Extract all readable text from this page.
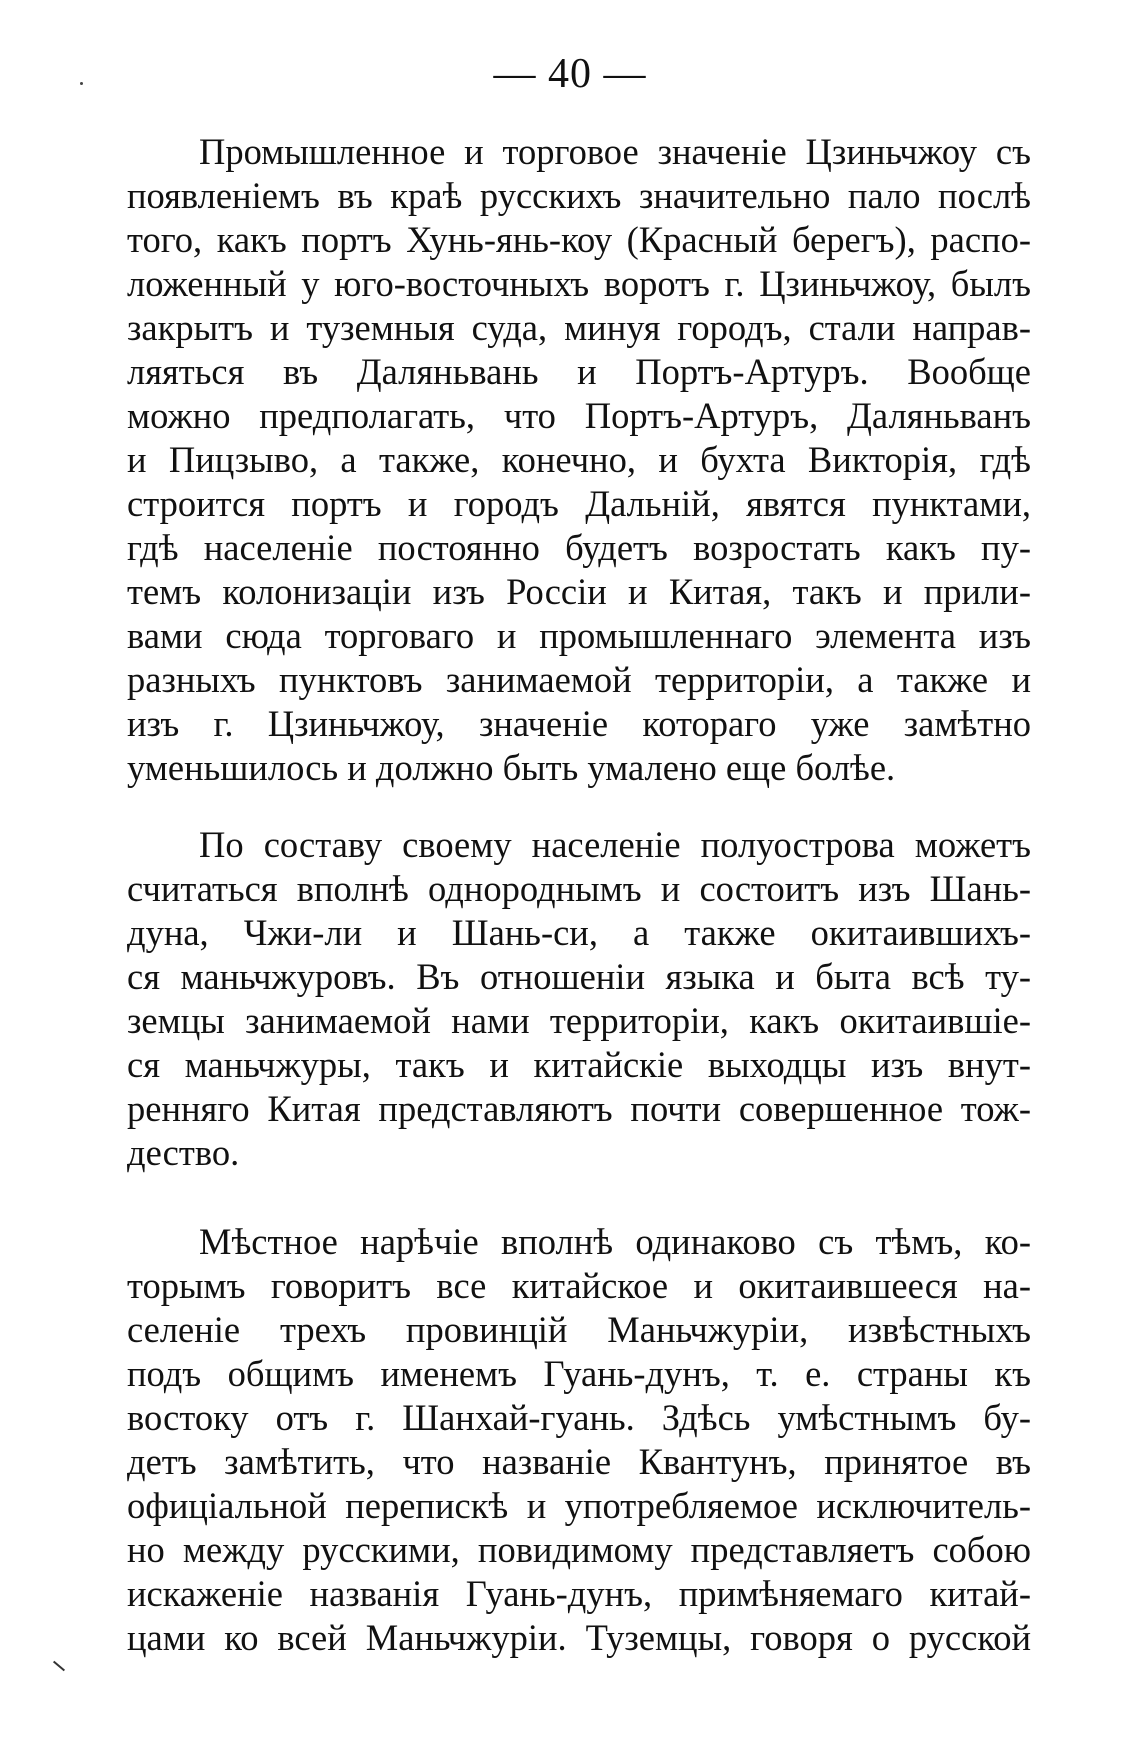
— 40 —
Промышленное и торговое значеніе Цзиньчжоу съ
появленіемъ въ краѣ русскихъ значительно пало послѣ
того, какъ портъ Хунь-янь-коу (Красный берегъ), распо-
ложенный у юго-восточныхъ воротъ г. Цзиньчжоу, былъ
закрытъ и туземныя суда, минуя городъ, стали направ-
ляяться въ Даляньвань и Портъ-Артуръ. Вообще
можно предполагать, что Портъ-Артуръ, Даляньванъ
и Пицзыво, а также, конечно, и бухта Викторія, гдѣ
строится портъ и городъ Дальній, явятся пунктами,
гдѣ населеніе постоянно будетъ возростать какъ пу-
темъ колонизаціи изъ Россіи и Китая, такъ и прили-
вами сюда торговаго и промышленнаго элемента изъ
разныхъ пунктовъ занимаемой территоріи, а также и
изъ г. Цзиньчжоу, значеніе котораго уже замѣтно
уменьшилось и должно быть умалено еще болѣе.
По составу своему населеніе полуострова можетъ
считаться вполнѣ однороднымъ и состоитъ изъ Шань-
дуна, Чжи-ли и Шань-си, а также окитаившихъ-
ся маньчжуровъ. Въ отношеніи языка и быта всѣ ту-
земцы занимаемой нами территоріи, какъ окитаившіе-
ся маньчжуры, такъ и китайскіе выходцы изъ внут-
ренняго Китая представляютъ почти совершенное тож-
дество.
Мѣстное нарѣчіе вполнѣ одинаково съ тѣмъ, ко-
торымъ говоритъ все китайское и окитаившееся на-
селеніе трехъ провинцій Маньчжуріи, извѣстныхъ
подъ общимъ именемъ Гуань-дунъ, т. е. страны къ
востоку отъ г. Шанхай-гуань. Здѣсь умѣстнымъ бу-
детъ замѣтить, что названіе Квантунъ, принятое въ
офиціальной перепискѣ и употребляемое исключитель-
но между русскими, повидимому представляетъ собою
искаженіе названія Гуань-дунъ, примѣняемаго китай-
цами ко всей Маньчжуріи. Туземцы, говоря о русской
